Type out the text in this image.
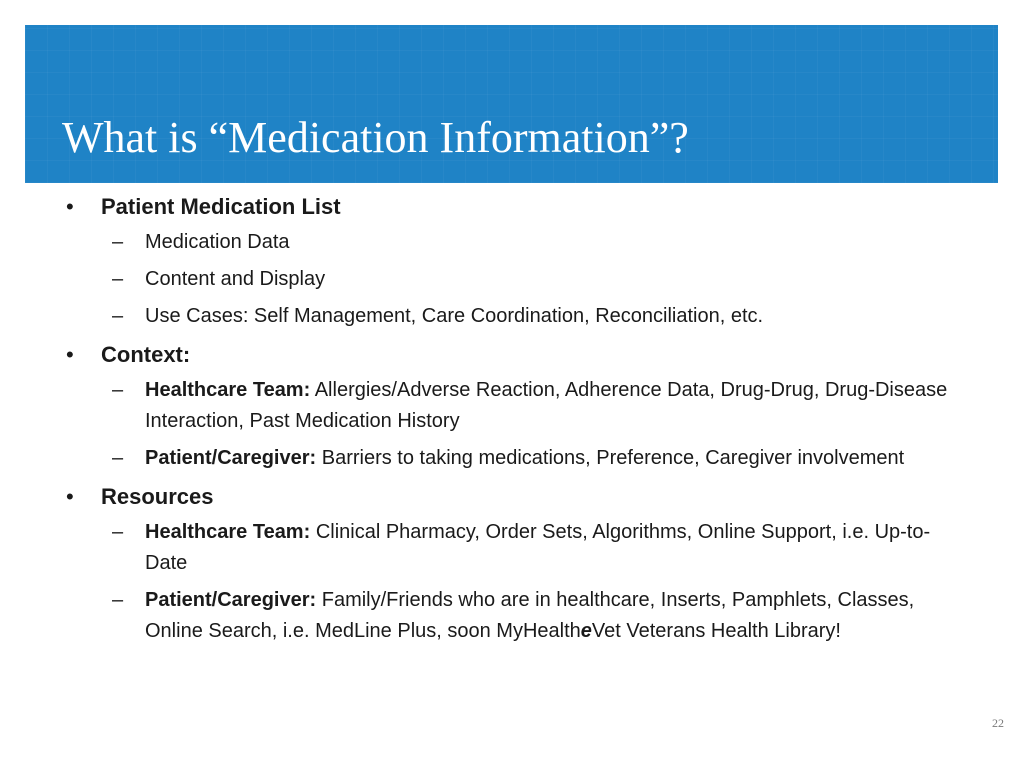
What is “Medication Information”?

• Patient Medication List

– Medication Data

– Content and Display

– Use Cases: Self Management, Care Coordination, Reconciliation, etc.

• Context:

– Healthcare Team: Allergies/Adverse Reaction, Adherence Data, Drug-Drug, Drug-Disease Interaction, Past Medication History

– Patient/Caregiver: Barriers to taking medications, Preference, Caregiver involvement

• Resources

– Healthcare Team: Clinical Pharmacy, Order Sets, Algorithms, Online Support, i.e. Up-to-Date

– Patient/Caregiver: Family/Friends who are in healthcare, Inserts, Pamphlets, Classes, Online Search, i.e. MedLine Plus, soon MyHealtheVet Veterans Health Library!

22
